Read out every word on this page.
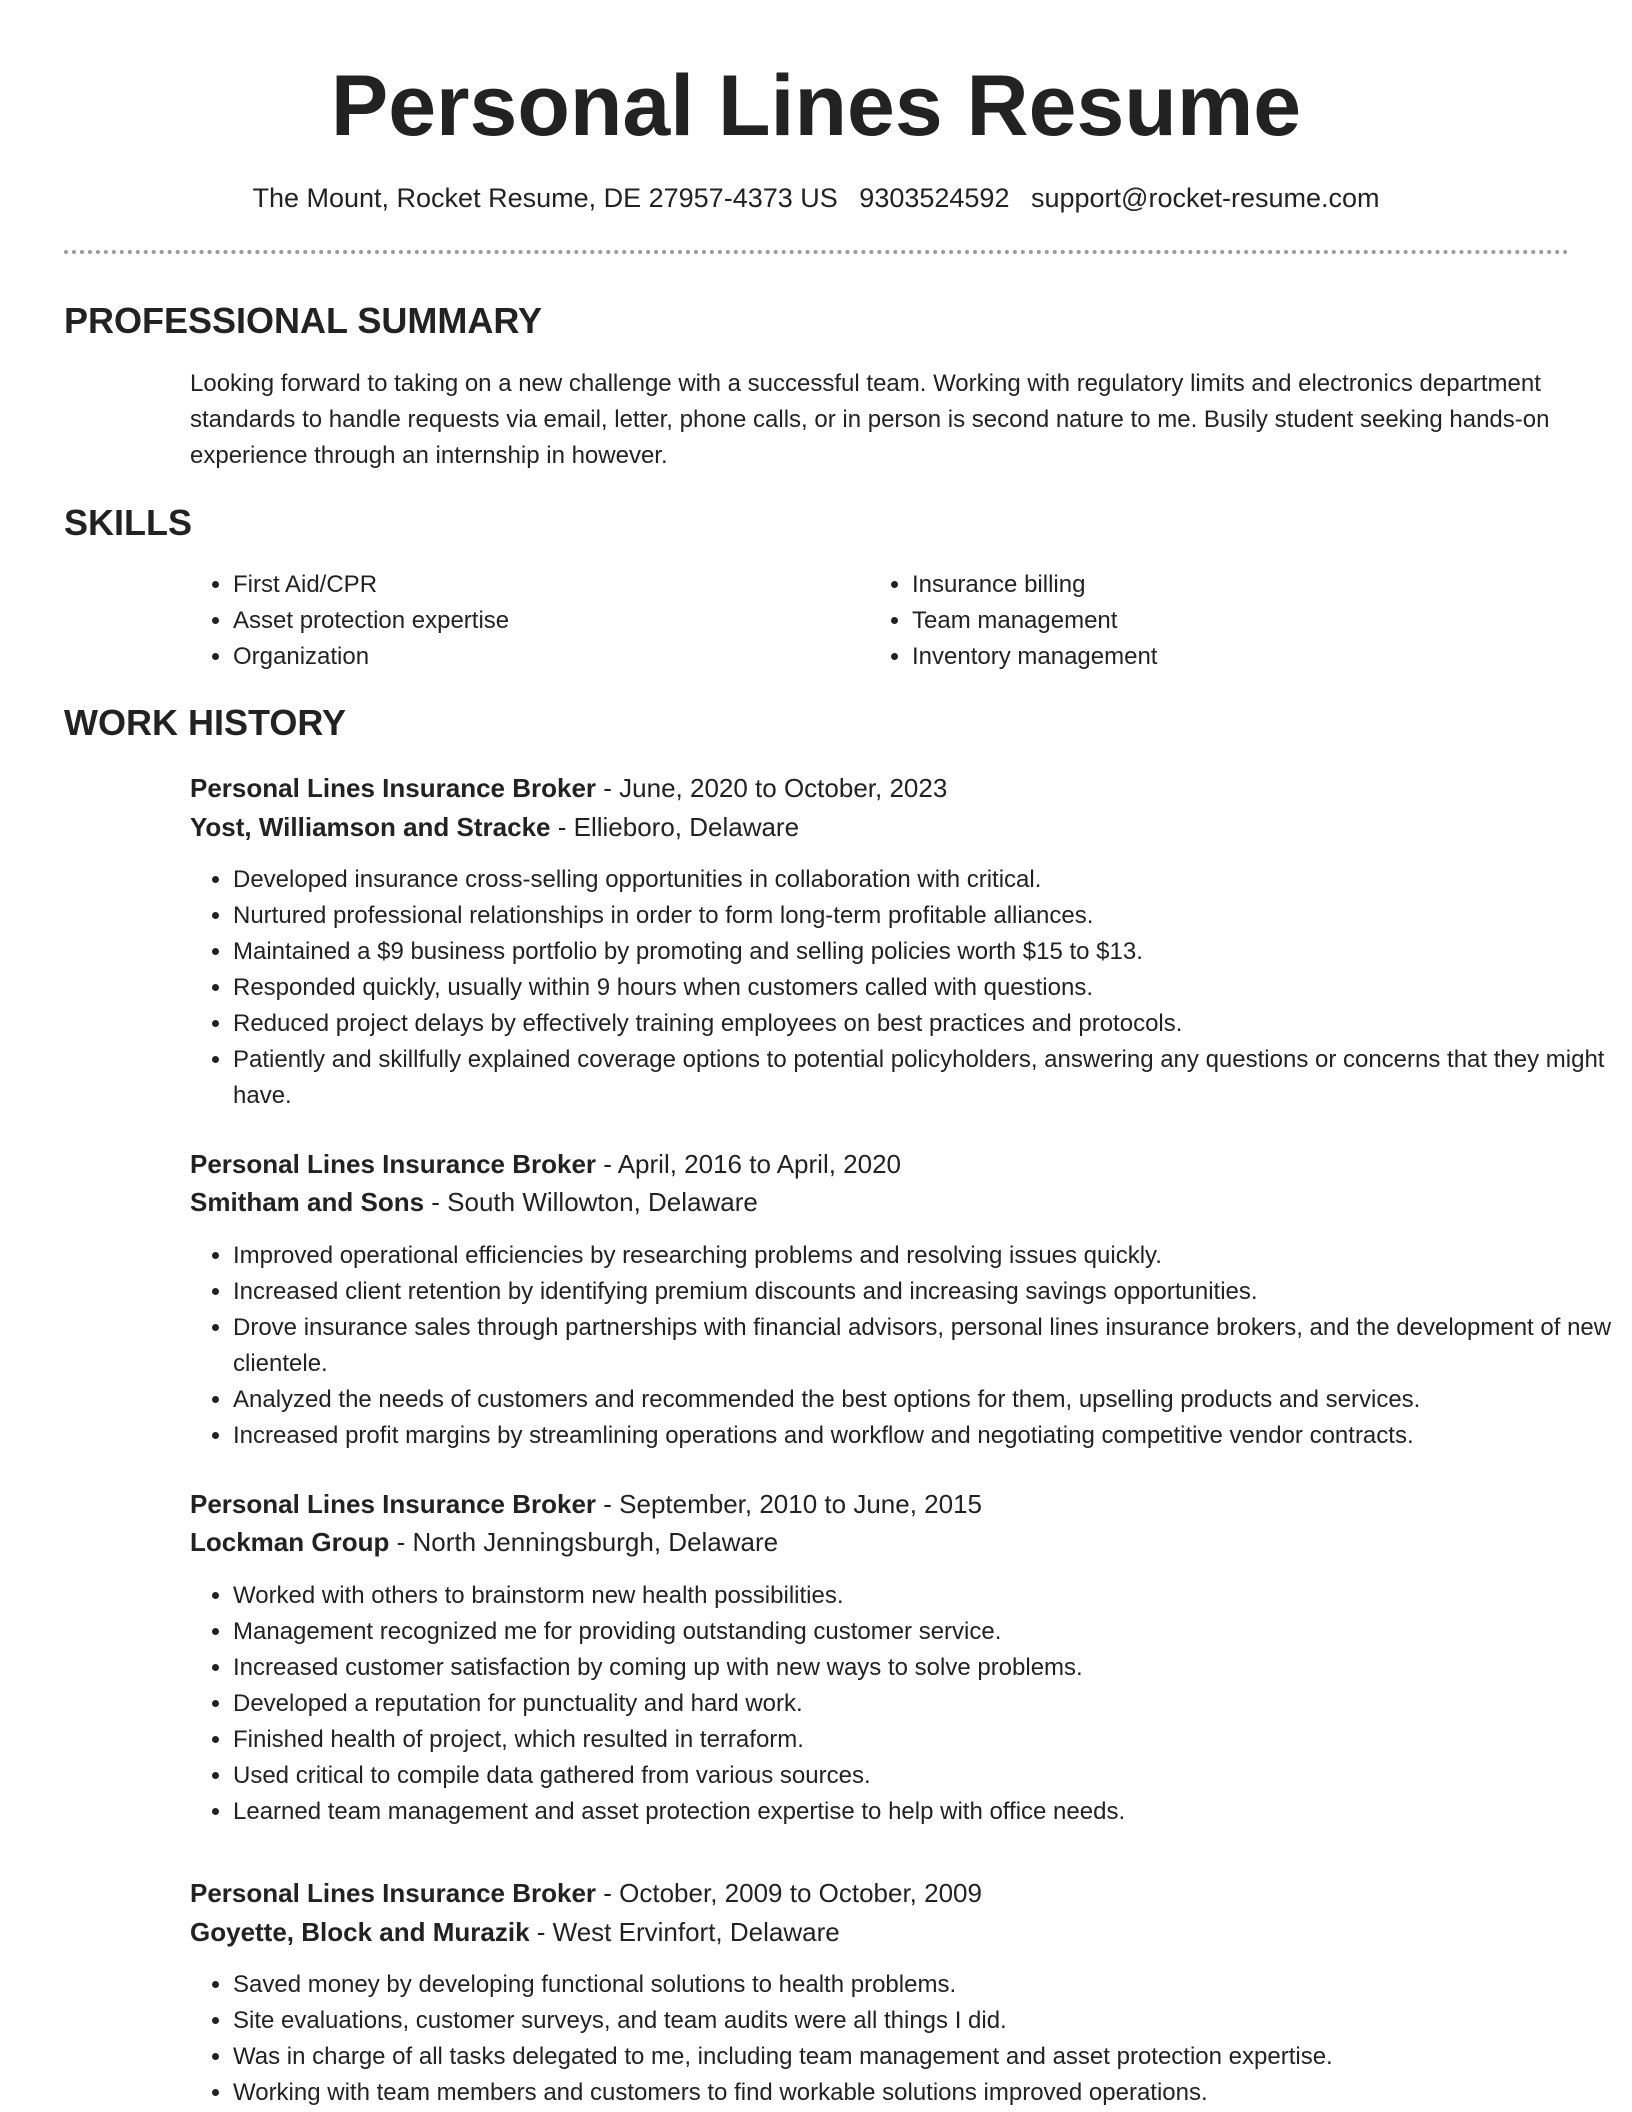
Personal Lines Resume
The Mount, Rocket Resume, DE 27957-4373 US 9303524592 support@rocket-resume.com
PROFESSIONAL SUMMARY

Looking forward to taking on a new challenge with a successful team. Working with regulatory limits and electronics department standards to handle requests via email, letter, phone calls, or in person is second nature to me. Busily student seeking hands-on experience through an internship in however.

SKILLS
• First Aid/CPR
• Asset protection expertise
• Organization
• Insurance billing
• Team management
• Inventory management
WORK HISTORY
Personal Lines Insurance Broker - June, 2020 to October, 2023
Yost, Williamson and Stracke - Ellieboro, Delaware
• Developed insurance cross-selling opportunities in collaboration with critical.
• Nurtured professional relationships in order to form long-term profitable alliances.
• Maintained a $9 business portfolio by promoting and selling policies worth $15 to $13.
• Responded quickly, usually within 9 hours when customers called with questions.
• Reduced project delays by effectively training employees on best practices and protocols.
• Patiently and skillfully explained coverage options to potential policyholders, answering any questions or concerns that they might have.
Personal Lines Insurance Broker - April, 2016 to April, 2020
Smitham and Sons - South Willowton, Delaware
• Improved operational efficiencies by researching problems and resolving issues quickly.
• Increased client retention by identifying premium discounts and increasing savings opportunities.
• Drove insurance sales through partnerships with financial advisors, personal lines insurance brokers, and the development of new clientele.
• Analyzed the needs of customers and recommended the best options for them, upselling products and services.
• Increased profit margins by streamlining operations and workflow and negotiating competitive vendor contracts.
Personal Lines Insurance Broker - September, 2010 to June, 2015
Lockman Group - North Jenningsburgh, Delaware
• Worked with others to brainstorm new health possibilities.
• Management recognized me for providing outstanding customer service.
• Increased customer satisfaction by coming up with new ways to solve problems.
• Developed a reputation for punctuality and hard work.
• Finished health of project, which resulted in terraform.
• Used critical to compile data gathered from various sources.
• Learned team management and asset protection expertise to help with office needs.
Personal Lines Insurance Broker - October, 2009 to October, 2009
Goyette, Block and Murazik - West Ervinfort, Delaware
• Saved money by developing functional solutions to health problems.
• Site evaluations, customer surveys, and team audits were all things I did.
• Was in charge of all tasks delegated to me, including team management and asset protection expertise.
• Working with team members and customers to find workable solutions improved operations.
